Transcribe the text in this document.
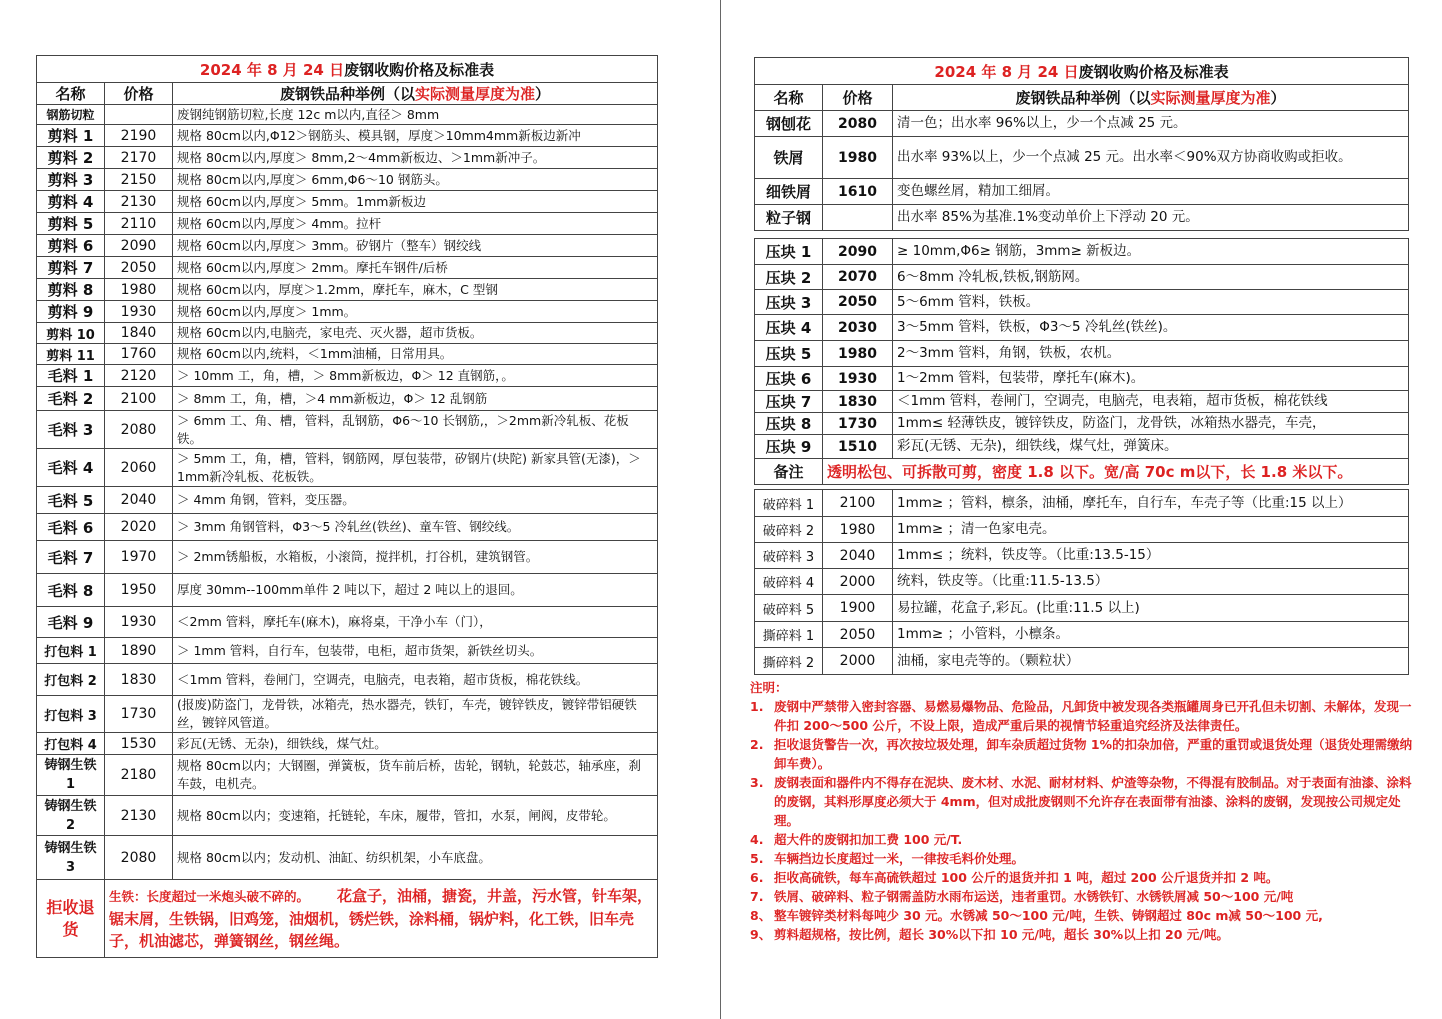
2024 年 8 月 24 日废钢收购价格及标准表		
名称	价格	废钢铁品种举例（以实际测量厚度为准）
钢筋切粒		废钢纯钢筋切粒,长度 12c m以内,直径＞ 8mm
剪料 1	2190	规格 80cm以内,Φ12＞钢筋头、模具钢，厚度＞10mm4mm新板边新冲
剪料 2	2170	规格 80cm以内,厚度＞ 8mm,2～4mm新板边、＞1mm新冲子。
剪料 3	2150	规格 80cm以内,厚度＞ 6mm,Φ6～10 钢筋头。
剪料 4	2130	规格 60cm以内,厚度＞ 5mm。1mm新板边
剪料 5	2110	规格 60cm以内,厚度＞ 4mm。拉杆
剪料 6	2090	规格 60cm以内,厚度＞ 3mm。矽钢片（整车）钢绞线
剪料 7	2050	规格 60cm以内,厚度＞ 2mm。摩托车钢件/后桥
剪料 8	1980	规格 60cm以内，厚度＞1.2mm，摩托车，麻木，C 型钢
剪料 9	1930	规格 60cm以内,厚度＞ 1mm。
剪料 10	1840	规格 60cm以内,电脑壳，家电壳、灭火器，超市货板。
剪料 11	1760	规格 60cm以内,统料，＜1mm油桶，日常用具。
毛料 1	2120	＞ 10mm 工，角，槽，＞ 8mm新板边，Φ＞ 12 直钢筋，。
毛料 2	2100	＞ 8mm 工，角，槽，＞4 mm新板边，Φ＞ 12 乱钢筋
毛料 3	2080	＞ 6mm 工、角、槽，管料，乱钢筋，Φ6～10 长钢筋,，＞2mm新冷轧板、花板铁。
毛料 4	2060	＞ 5mm 工，角，槽，管料，钢筋网，厚包装带，矽钢片(块陀) 新家具管(无漆)，＞1mm新冷轧板、花板铁。
毛料 5	2040	＞ 4mm 角钢，管料，变压器。
毛料 6	2020	＞ 3mm 角钢管料，Φ3～5 冷轧丝(铁丝)、童车管、钢绞线。
毛料 7	1970	＞ 2mm锈船板，水箱板，小滚筒，搅拌机，打谷机，建筑钢管。
毛料 8	1950	厚度 30mm--100mm单件 2 吨以下，超过 2 吨以上的退回。
毛料 9	1930	＜2mm 管料，摩托车(麻木)，麻将桌，干净小车（门），
打包料 1	1890	＞ 1mm 管料，自行车，包装带，电柜，超市货架，新铁丝切头。
打包料 2	1830	＜1mm 管料，卷闸门，空调壳，电脑壳，电表箱，超市货板，棉花铁线。
打包料 3	1730	(报废)防盗门，龙骨铁，冰箱壳，热水器壳，铁钉，车壳，镀锌铁皮，镀锌带铝硬铁丝，镀锌风管道。
打包料 4	1530	彩瓦(无锈、无杂)，细铁线，煤气灶。
铸钢生铁 1	2180	规格 80cm以内；大钢圈，弹簧板，货车前后桥，齿轮，钢轨，轮鼓芯，轴承座，刹车鼓，电机壳。
铸钢生铁 2	2130	规格 80cm以内；变速箱，托链轮，车床，履带，管扣，水泵，闸阀，皮带轮。
铸钢生铁 3	2080	规格 80cm以内；发动机、油缸、纺织机架，小车底盘。
拒收退货	生铁：长度超过一米炮头破不碎的。 花盒子，油桶，搪瓷，井盖，污水管，针车架，锯末屑，生铁锅，旧鸡笼，油烟机，锈烂铁，涂料桶，锅炉料，化工铁，旧车壳子，机油滤芯，弹簧钢丝，钢丝绳。	
2024 年 8 月 24 日废钢收购价格及标准表		
名称	价格	废钢铁品种举例（以实际测量厚度为准）
钢刨花	2080	清一色；出水率 96%以上，少一个点减 25 元。
铁屑	1980	出水率 93%以上，少一个点减 25 元。出水率＜90%双方协商收购或拒收。
细铁屑	1610	变色螺丝屑，精加工细屑。
粒子钢		出水率 85%为基准.1%变动单价上下浮动 20 元。
压块 1	2090	≥ 10mm,Φ6≥ 钢筋，3mm≥ 新板边。
压块 2	2070	6～8mm 冷轧板,铁板,钢筋网。
压块 3	2050	5～6mm 管料，铁板。
压块 4	2030	3～5mm 管料，铁板，Φ3～5 冷轧丝(铁丝)。
压块 5	1980	2～3mm 管料，角钢，铁板，农机。
压块 6	1930	1～2mm 管料，包装带，摩托车(麻木)。
压块 7	1830	＜1mm 管料，卷闸门，空调壳，电脑壳，电表箱，超市货板，棉花铁线
压块 8	1730	1mm≤ 轻薄铁皮，镀锌铁皮，防盗门，龙骨铁，冰箱热水器壳，车壳，
压块 9	1510	彩瓦(无锈、无杂)，细铁线，煤气灶，弹簧床。
备注	透明松包、可拆散可剪，密度 1.8 以下。宽/高 70c m以下，长 1.8 米以下。	
破碎料 1	2100	1mm≥ ；管料，檩条，油桶，摩托车，自行车，车壳子等（比重:15 以上）
破碎料 2	1980	1mm≥ ；清一色家电壳。
破碎料 3	2040	1mm≤ ；统料，铁皮等。（比重:13.5-15）
破碎料 4	2000	统料，铁皮等。（比重:11.5-13.5）
破碎料 5	1900	易拉罐，花盒子,彩瓦。(比重:11.5 以上)
撕碎料 1	2050	1mm≥ ；小管料，小檩条。
撕碎料 2	2000	油桶，家电壳等的。（颗粒状）
注明：
1. 废钢中严禁带入密封容器、易燃易爆物品、危险品，凡卸货中被发现各类瓶罐周身已开孔但未切割、未解体，发现一件扣 200～500 公斤，不设上限，造成严重后果的视情节轻重追究经济及法律责任。
2. 拒收退货警告一次，再次按垃圾处理，卸车杂质超过货物 1%的扣杂加倍，严重的重罚或退货处理（退货处理需缴纳卸车费）。
3. 废钢表面和器件内不得存在泥块、废木材、水泥、耐材材料、炉渣等杂物，不得混有胶制品。对于表面有油漆、涂料的废钢，其料形厚度必须大于 4mm，但对成批废钢则不允许存在表面带有油漆、涂料的废钢，发现按公司规定处理。
4. 超大件的废钢扣加工费 100 元/T.
5. 车辆挡边长度超过一米，一律按毛料价处理。
6. 拒收高硫铁，每车高硫铁超过 100 公斤的退货并扣 1 吨，超过 200 公斤退货并扣 2 吨。
7. 铁屑、破碎料、粒子钢需盖防水雨布运送，违者重罚。水锈铁钉、水锈铁屑减 50～100 元/吨
8、 整车镀锌类材料每吨少 30 元。水锈减 50～100 元/吨，生铁、铸钢超过 80c m减 50～100 元,
9、 剪料超规格，按比例，超长 30%以下扣 10 元/吨，超长 30%以上扣 20 元/吨。
